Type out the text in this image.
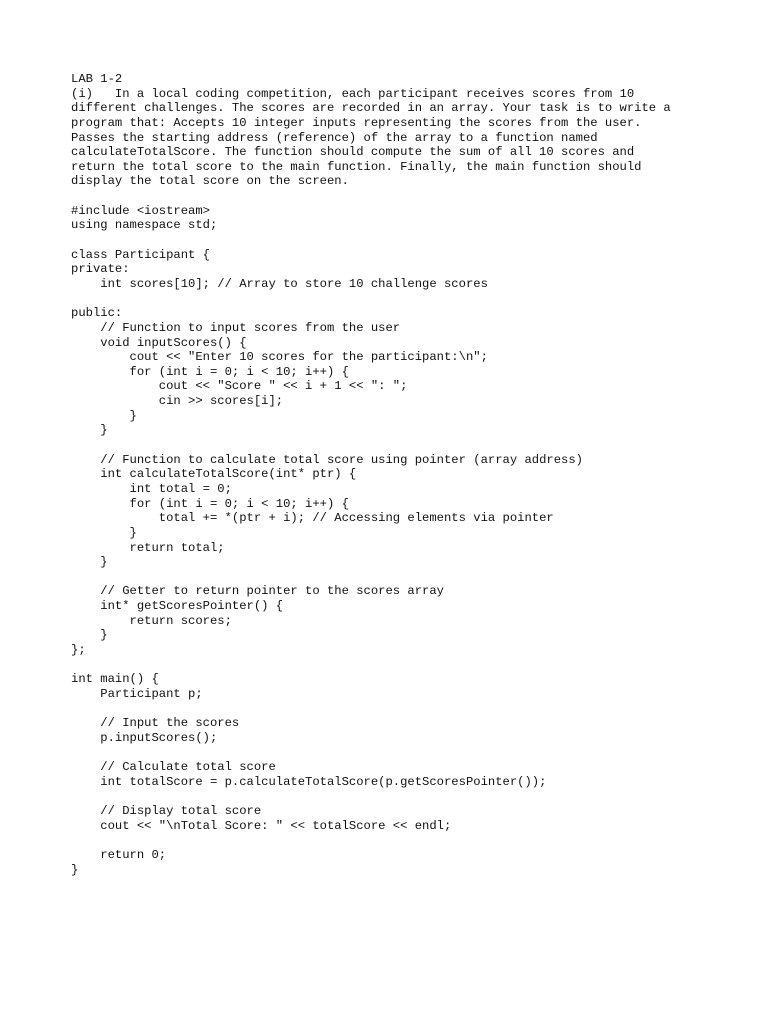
LAB 1-2
(i)   In a local coding competition, each participant receives scores from 10
different challenges. The scores are recorded in an array. Your task is to write a
program that: Accepts 10 integer inputs representing the scores from the user.
Passes the starting address (reference) of the array to a function named
calculateTotalScore. The function should compute the sum of all 10 scores and
return the total score to the main function. Finally, the main function should
display the total score on the screen.
#include <iostream>
using namespace std;
class Participant {
private:
int scores[10]; // Array to store 10 challenge scores
public:
// Function to input scores from the user
void inputScores() {
cout << "Enter 10 scores for the participant:\n";
for (int i = 0; i < 10; i++) {
cout << "Score " << i + 1 << ": ";
cin >> scores[i];
}
}
// Function to calculate total score using pointer (array address)
int calculateTotalScore(int* ptr) {
int total = 0;
for (int i = 0; i < 10; i++) {
total += *(ptr + i); // Accessing elements via pointer
}
return total;
}
// Getter to return pointer to the scores array
int* getScoresPointer() {
return scores;
}
};
int main() {
Participant p;
// Input the scores
p.inputScores();
// Calculate total score
int totalScore = p.calculateTotalScore(p.getScoresPointer());
// Display total score
cout << "\nTotal Score: " << totalScore << endl;
return 0;
}
